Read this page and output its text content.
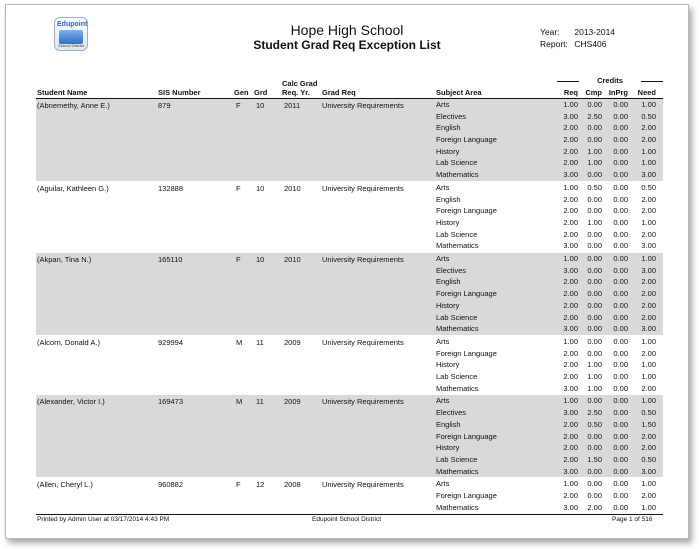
Edupoint
School District
Hope High School
Student Grad Req Exception List
Year: 2013-2014
Report: CHS406
Credits
Student Name	SIS Number	Gen Grd
Calc Grad
Req. Yr. Grad Req	Subject Area	Req Cmp InPrg	Need
(Abnemethy, Anne E.)	879	F 10	2011	University Requirements	Arts	1.00	0.00	0.00	1.00
Electives	3.00	2.50	0.00	0.50
English	2.00	0.00	0.00	2.00
Foreign Language	2.00	0.00	0.00	2.00
History	2.00	1.00	0.00	1.00
Lab Science	2.00	1.00	0.00	1.00
Mathematics	3.00	0.00	0.00	3.00
(Aguilar, Kathleen G.)	132888	F 10	2010	University Requirements	Arts	1.00	0.50	0.00	0.50
English	2.00	0.00	0.00	2.00
Foreign Language	2.00	0.00	0.00	2.00
History	2.00	1.00	0.00	1.00
Lab Science	2.00	0.00	0.00	2.00
Mathematics	3.00	0.00	0.00	3.00
(Akpan, Tina N.)	165110	F 10	2010	University Requirements	Arts	1.00	0.00	0.00	1.00
Electives	3.00	0.00	0.00	3.00
English	2.00	0.00	0.00	2.00
Foreign Language	2.00	0.00	0.00	2.00
History	2.00	0.00	0.00	2.00
Lab Science	2.00	0.00	0.00	2.00
Mathematics	3.00	0.00	0.00	3.00
(Alcorn, Donald A.)	929994	M 11	2009	University Requirements	Arts	1.00	0.00	0.00	1.00
Foreign Language	2.00	0.00	0.00	2.00
History	2.00	1.00	0.00	1.00
Lab Science	2.00	1.00	0.00	1.00
Mathematics	3.00	1.00	0.00	2.00
(Alexander, Victor I.)	169473	M 11	2009	University Requirements	Arts	1.00	0.00	0.00	1.00
Electives	3.00	2.50	0.00	0.50
English	2.00	0.50	0.00	1.50
Foreign Language	2.00	0.00	0.00	2.00
History	2.00	0.00	0.00	2.00
Lab Science	2.00	1.50	0.00	0.50
Mathematics	3.00	0.00	0.00	3.00
(Allen, Cheryl L.)	960882	F 12	2008	University Requirements	Arts	1.00	0.00	0.00	1.00
Foreign Language	2.00	0.00	0.00	2.00
Mathematics	3.00	2.00	0.00	1.00
Printed by Admin User at 03/17/2014 4:43 PM	Edupoint School District	Page 1 of 516
